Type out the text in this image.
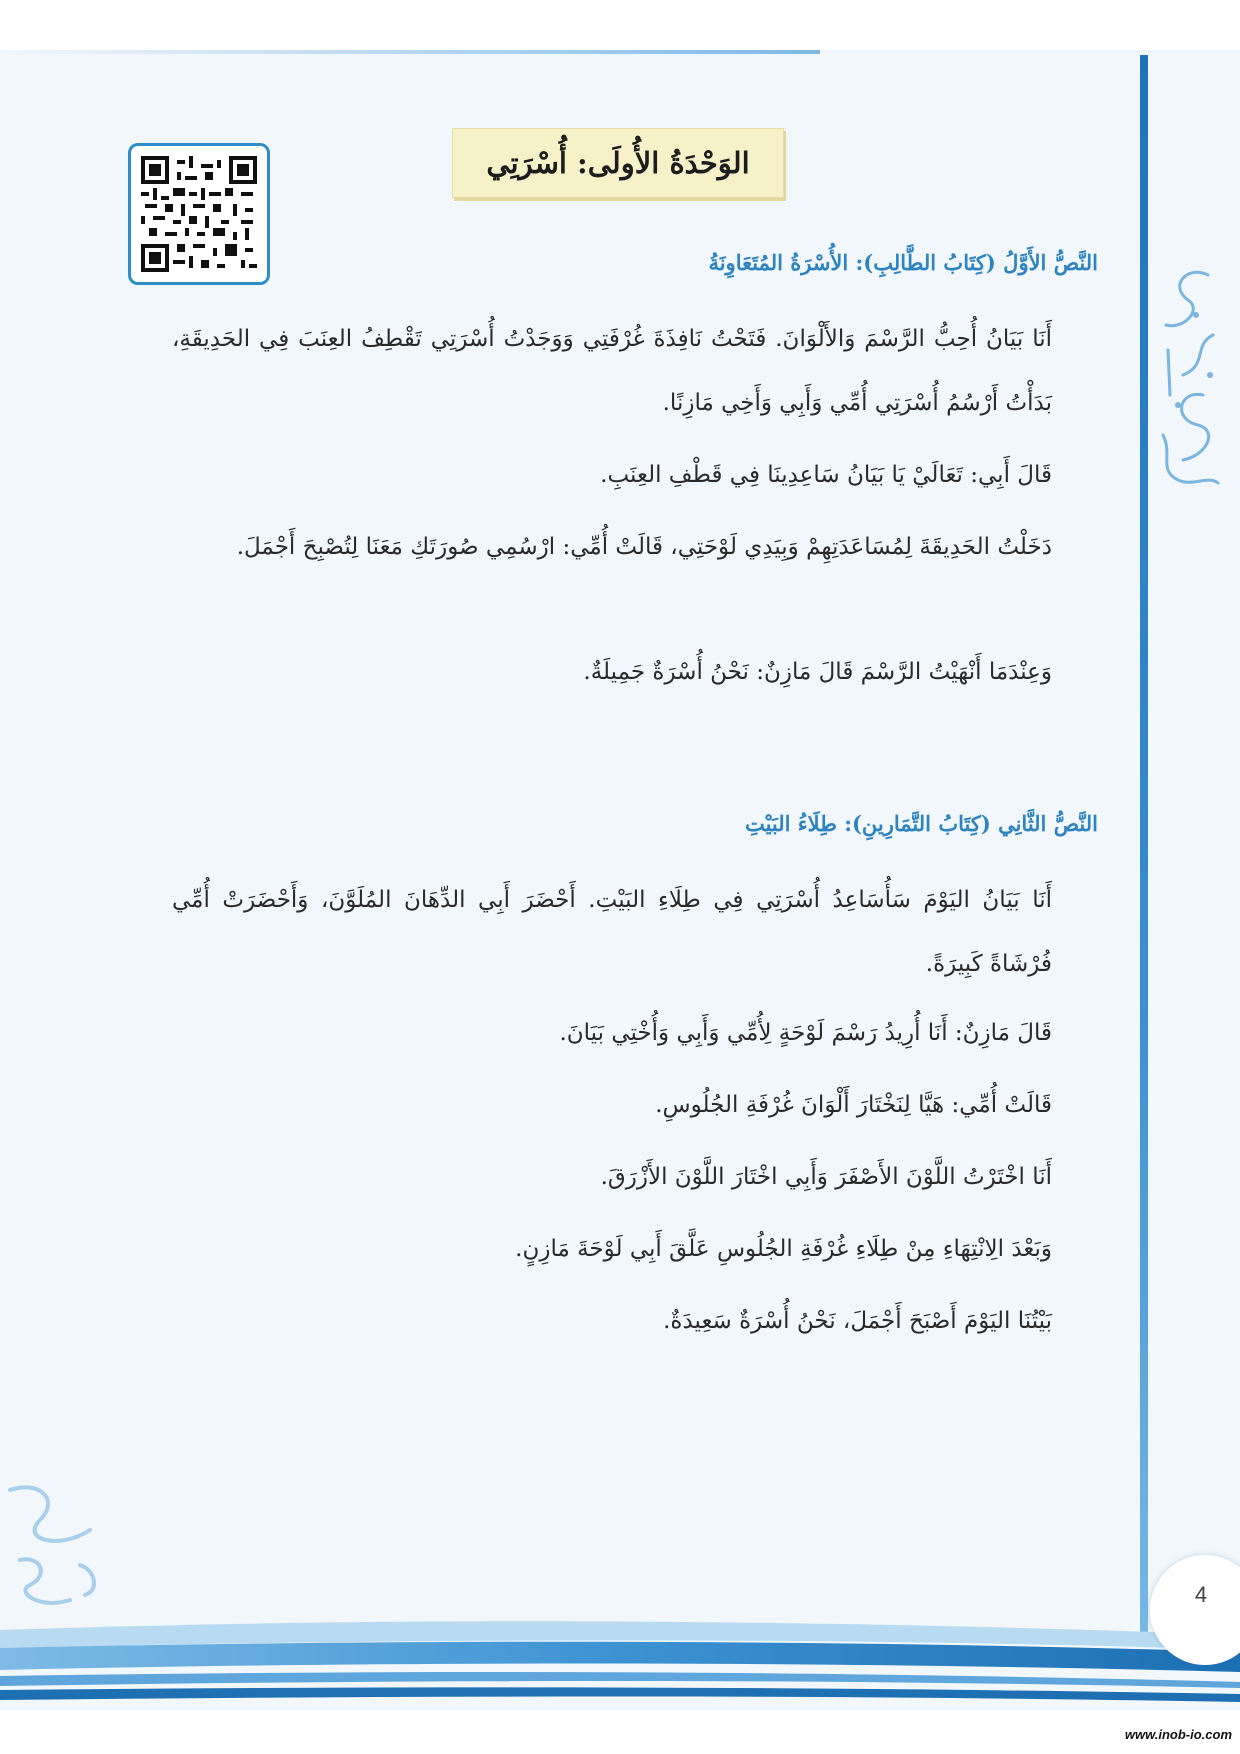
الوَحْدَةُ الأُولَى: أُسْرَتِي
النَّصُّ الأَوَّلُ (كِتَابُ الطَّالِبِ): الأُسْرَةُ المُتَعَاوِنَةُ
أَنَا بَيَانُ أُحِبُّ الرَّسْمَ وَالأَلْوَانَ. فَتَحْتُ نَافِذَةَ غُرْفَتِي وَوَجَدْتُ أُسْرَتِي تَقْطِفُ العِنَبَ فِي الحَدِيقَةِ، بَدَأْتُ أَرْسُمُ أُسْرَتِي أُمِّي وَأَبِي وَأَخِي مَازِنًا.
قَالَ أَبِي: تَعَالَيْ يَا بَيَانُ سَاعِدِينَا فِي قَطْفِ العِنَبِ.
دَخَلْتُ الحَدِيقَةَ لِمُسَاعَدَتِهِمْ وَبِيَدِي لَوْحَتِي، قَالَتْ أُمِّي: ارْسُمِي صُورَتَكِ مَعَنَا لِتُصْبِحَ أَجْمَلَ.
وَعِنْدَمَا أَنْهَيْتُ الرَّسْمَ قَالَ مَازِنٌ: نَحْنُ أُسْرَةٌ جَمِيلَةٌ.
النَّصُّ الثَّانِي (كِتَابُ التَّمَارِينِ): طِلَاءُ البَيْتِ
أَنَا بَيَانُ اليَوْمَ سَأُسَاعِدُ أُسْرَتِي فِي طِلَاءِ البَيْتِ. أَحْضَرَ أَبِي الدِّهَانَ المُلَوَّنَ، وَأَحْضَرَتْ أُمِّي فُرْشَاةً كَبِيرَةً.
قَالَ مَازِنٌ: أَنَا أُرِيدُ رَسْمَ لَوْحَةٍ لِأُمِّي وَأَبِي وَأُخْتِي بَيَانَ.
قَالَتْ أُمِّي: هَيَّا لِنَخْتَارَ أَلْوَانَ غُرْفَةِ الجُلُوسِ.
أَنَا اخْتَرْتُ اللَّوْنَ الأَصْفَرَ وَأَبِي اخْتَارَ اللَّوْنَ الأَزْرَقَ.
وَبَعْدَ الِانْتِهَاءِ مِنْ طِلَاءِ غُرْفَةِ الجُلُوسِ عَلَّقَ أَبِي لَوْحَةَ مَازِنٍ.
بَيْتُنَا اليَوْمَ أَصْبَحَ أَجْمَلَ، نَحْنُ أُسْرَةٌ سَعِيدَةٌ.
4
www.inob-io.com
